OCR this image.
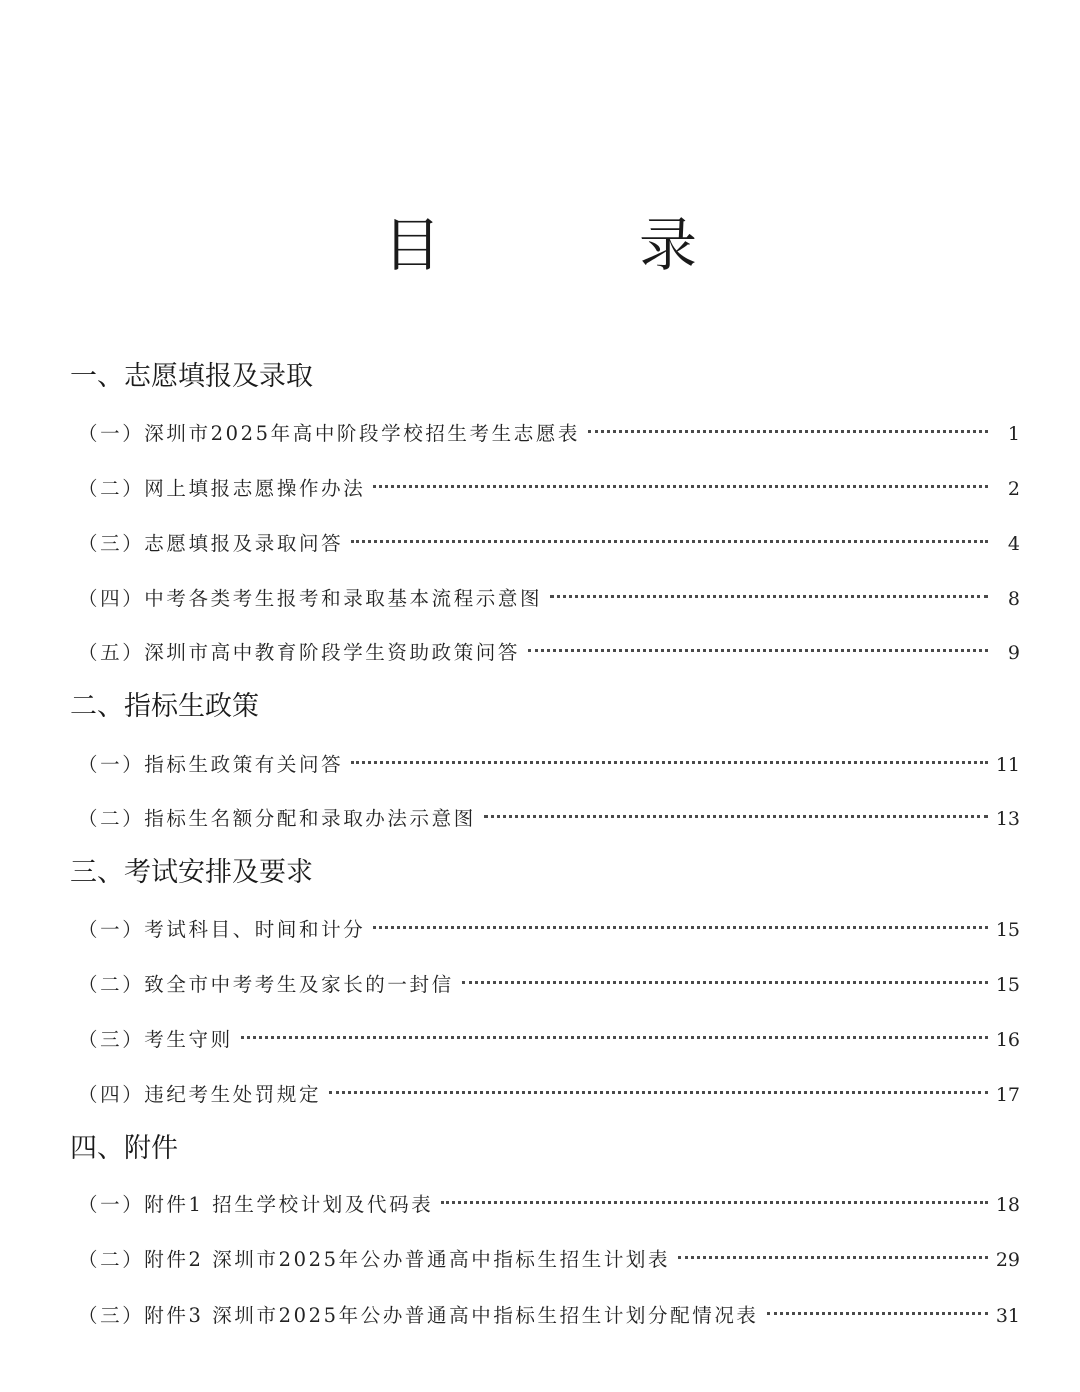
目　录
一、志愿填报及录取
（一）深圳市2025年高中阶段学校招生考生志愿表	1
（二）网上填报志愿操作办法	2
（三）志愿填报及录取问答	4
（四）中考各类考生报考和录取基本流程示意图	8
（五）深圳市高中教育阶段学生资助政策问答	9
二、指标生政策
（一）指标生政策有关问答	11
（二）指标生名额分配和录取办法示意图	13
三、考试安排及要求
（一）考试科目、时间和计分	15
（二）致全市中考考生及家长的一封信	15
（三）考生守则	16
（四）违纪考生处罚规定	17
四、附件
（一）附件1 招生学校计划及代码表	18
（二）附件2 深圳市2025年公办普通高中指标生招生计划表	29
（三）附件3 深圳市2025年公办普通高中指标生招生计划分配情况表	31
